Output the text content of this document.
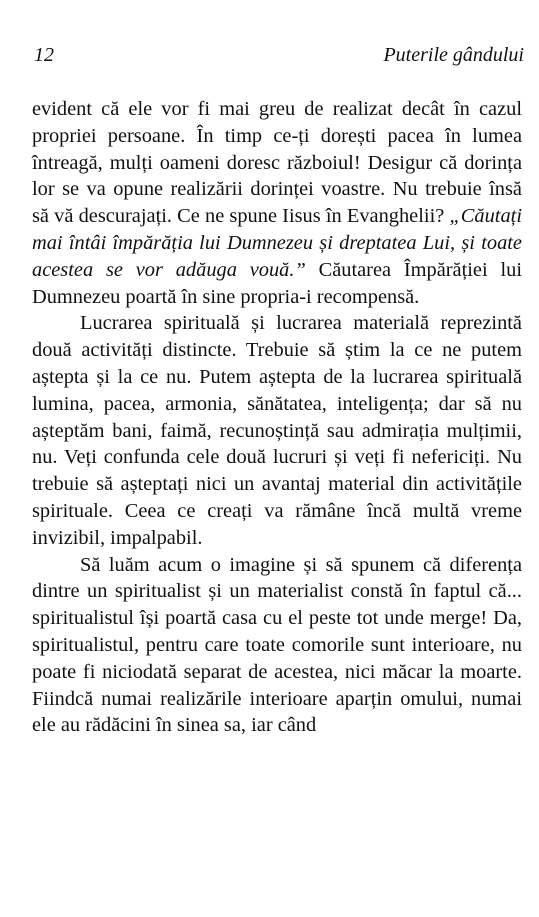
12	Puterile gândului

evident că ele vor fi mai greu de realizat decât în cazul propriei persoane. În timp ce-ți dorești pacea în lumea întreagă, mulți oameni doresc războiul! Desigur că dorința lor se va opune realizării dorinței voastre. Nu trebuie însă să vă descurajați. Ce ne spune Iisus în Evanghelii? „Căutați mai întâi împărăția lui Dumnezeu și dreptatea Lui, și toate acestea se vor adăuga vouă.” Căutarea Împărăției lui Dumnezeu poartă în sine propria-i recompensă.

Lucrarea spirituală și lucrarea materială reprezintă două activități distincte. Trebuie să știm la ce ne putem aștepta și la ce nu. Putem aștepta de la lucrarea spirituală lumina, pacea, armonia, sănătatea, inteligența; dar să nu așteptăm bani, faimă, recunoștință sau admirația mulțimii, nu. Veți confunda cele două lucruri și veți fi nefericiți. Nu trebuie să așteptați nici un avantaj material din activitățile spirituale. Ceea ce creați va rămâne încă multă vreme invizibil, impalpabil.

Să luăm acum o imagine și să spunem că diferența dintre un spiritualist și un materialist constă în faptul că... spiritualistul își poartă casa cu el peste tot unde merge! Da, spiritualistul, pentru care toate comorile sunt interioare, nu poate fi niciodată separat de acestea, nici măcar la moarte. Fiindcă numai realizările interioare aparțin omului, numai ele au rădăcini în sinea sa, iar când
